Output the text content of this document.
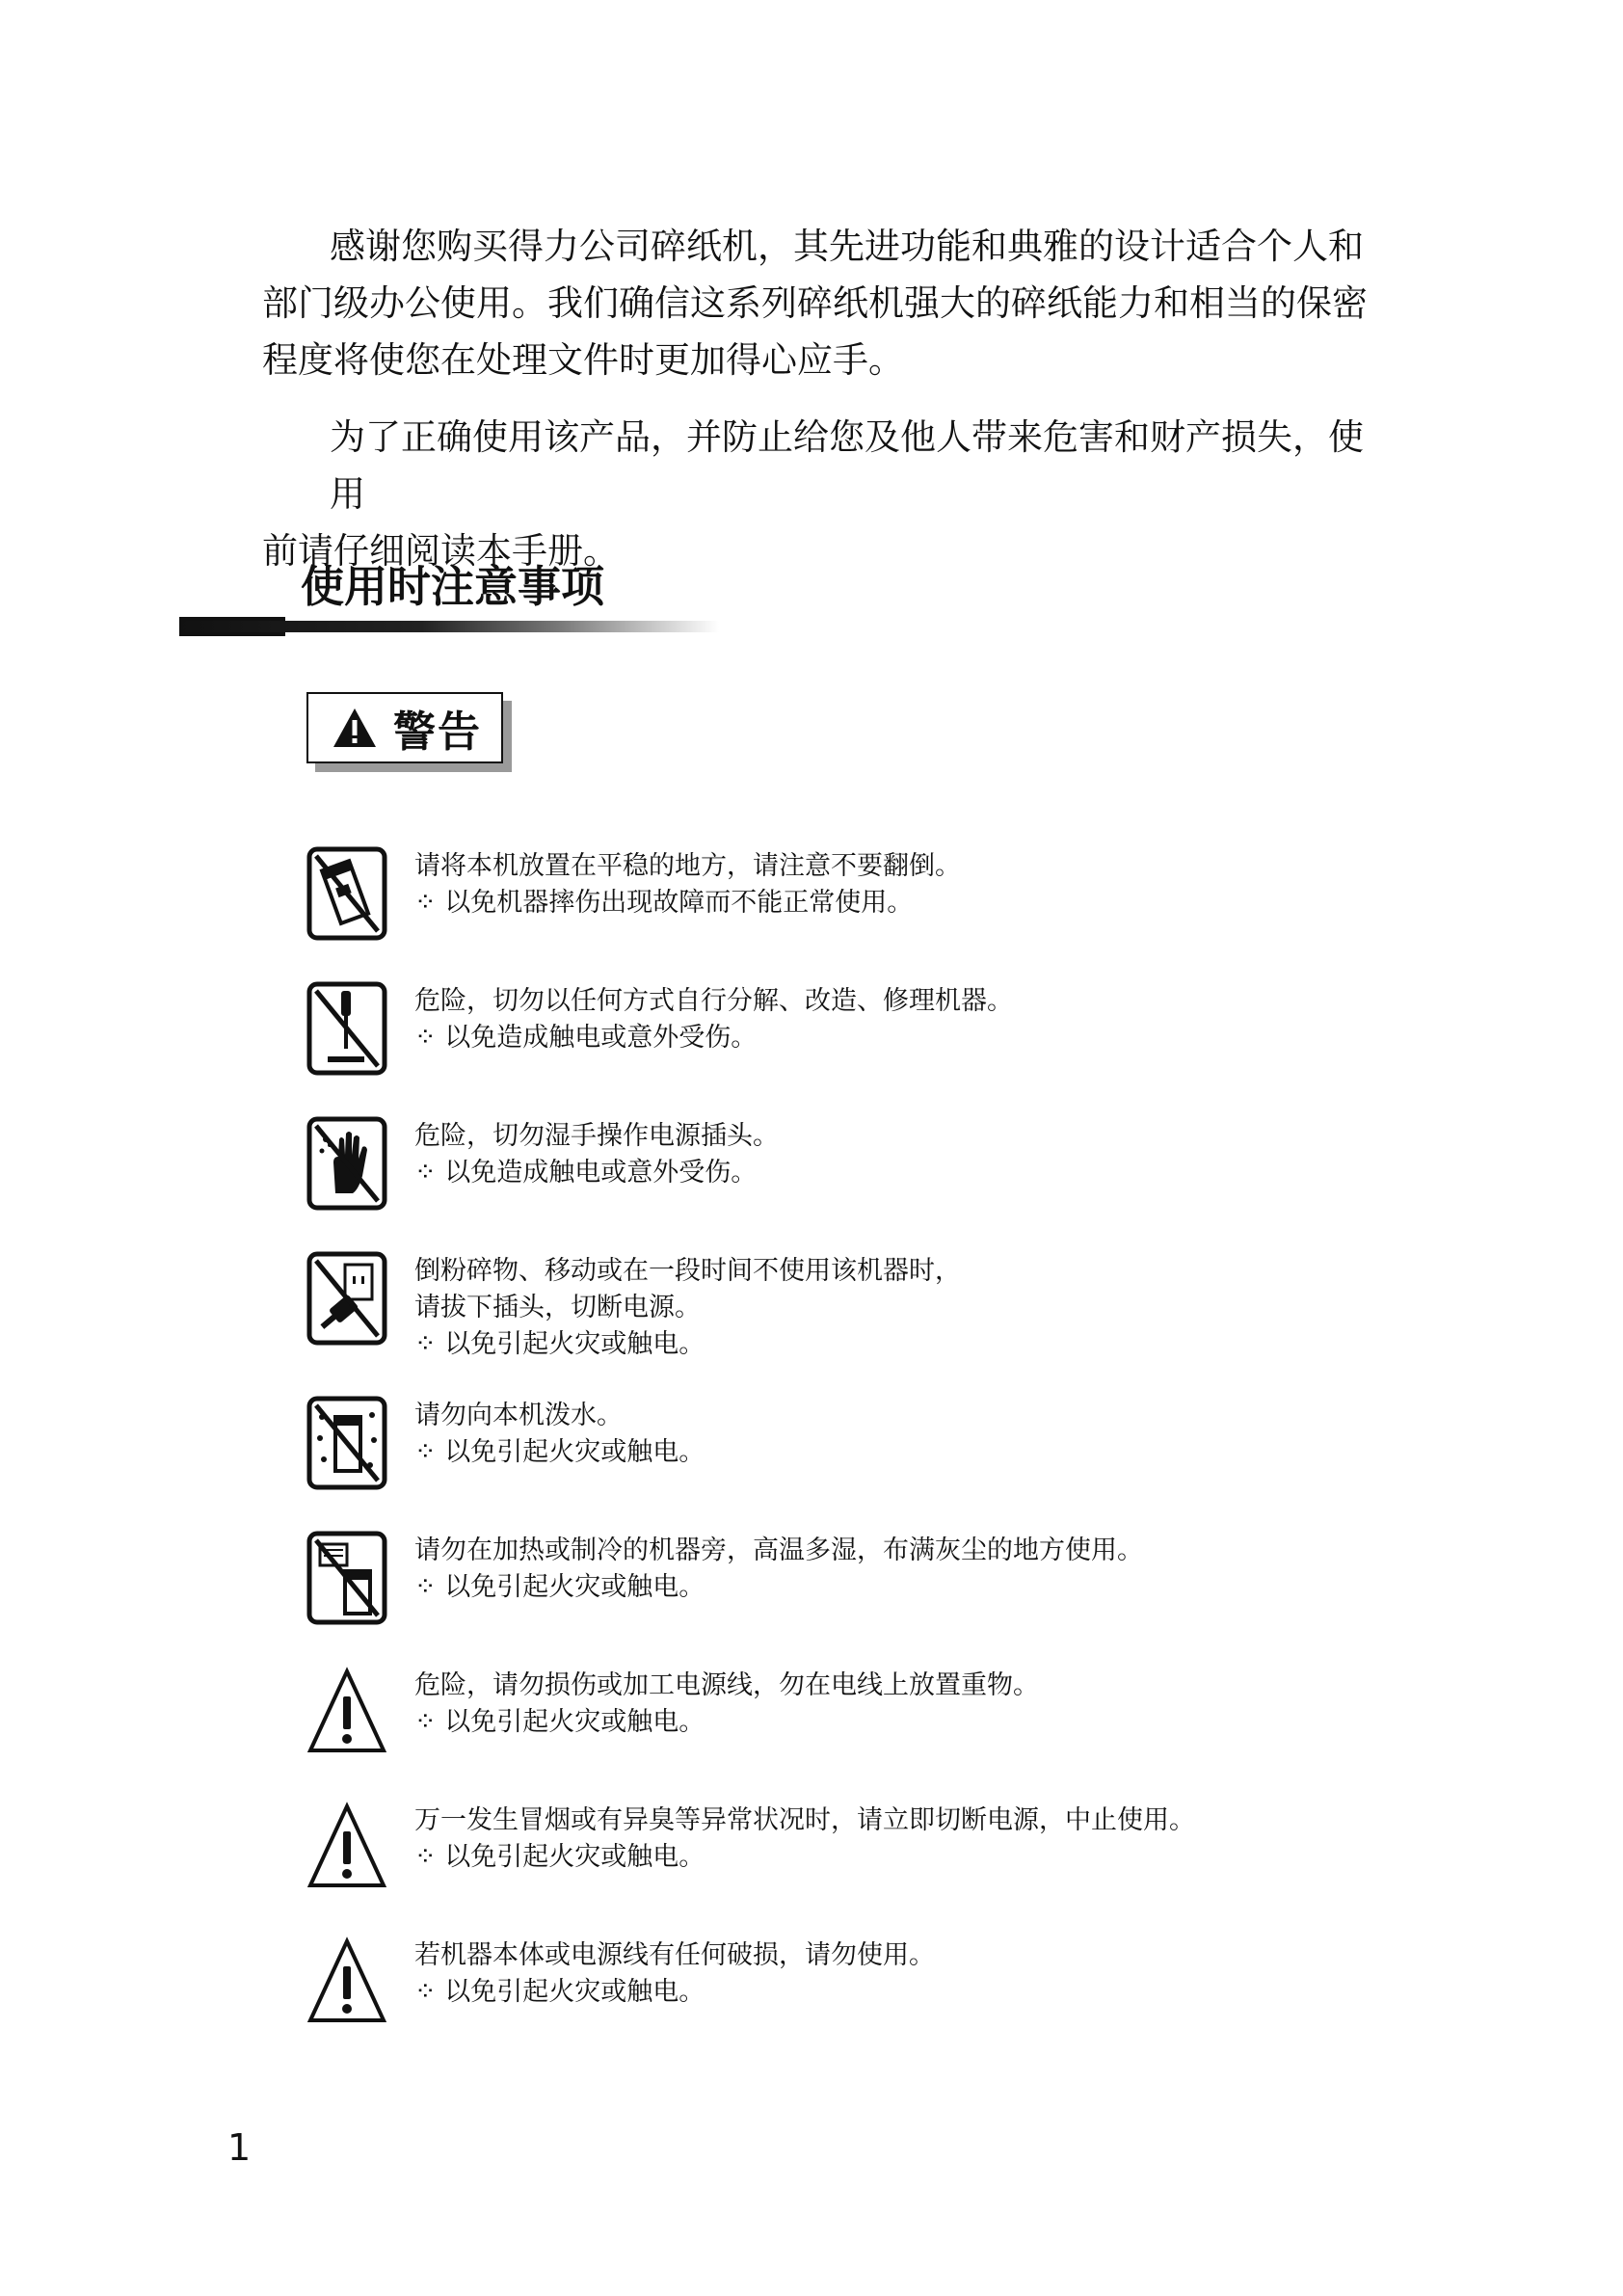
感谢您购买得力公司碎纸机，其先进功能和典雅的设计适合个人和
部门级办公使用。我们确信这系列碎纸机强大的碎纸能力和相当的保密
程度将使您在处理文件时更加得心应手。
为了正确使用该产品，并防止给您及他人带来危害和财产损失，使用
前请仔细阅读本手册。
使用时注意事项
警告
请将本机放置在平稳的地方，请注意不要翻倒。
⁘ 以免机器摔伤出现故障而不能正常使用。
危险，切勿以任何方式自行分解、改造、修理机器。
⁘ 以免造成触电或意外受伤。
危险，切勿湿手操作电源插头。
⁘ 以免造成触电或意外受伤。
倒粉碎物、移动或在一段时间不使用该机器时，
请拔下插头，切断电源。
⁘ 以免引起火灾或触电。
请勿向本机泼水。
⁘ 以免引起火灾或触电。
请勿在加热或制冷的机器旁，高温多湿，布满灰尘的地方使用。
⁘ 以免引起火灾或触电。
危险，请勿损伤或加工电源线，勿在电线上放置重物。
⁘ 以免引起火灾或触电。
万一发生冒烟或有异臭等异常状况时，请立即切断电源，中止使用。
⁘ 以免引起火灾或触电。
若机器本体或电源线有任何破损，请勿使用。
⁘ 以免引起火灾或触电。
1
